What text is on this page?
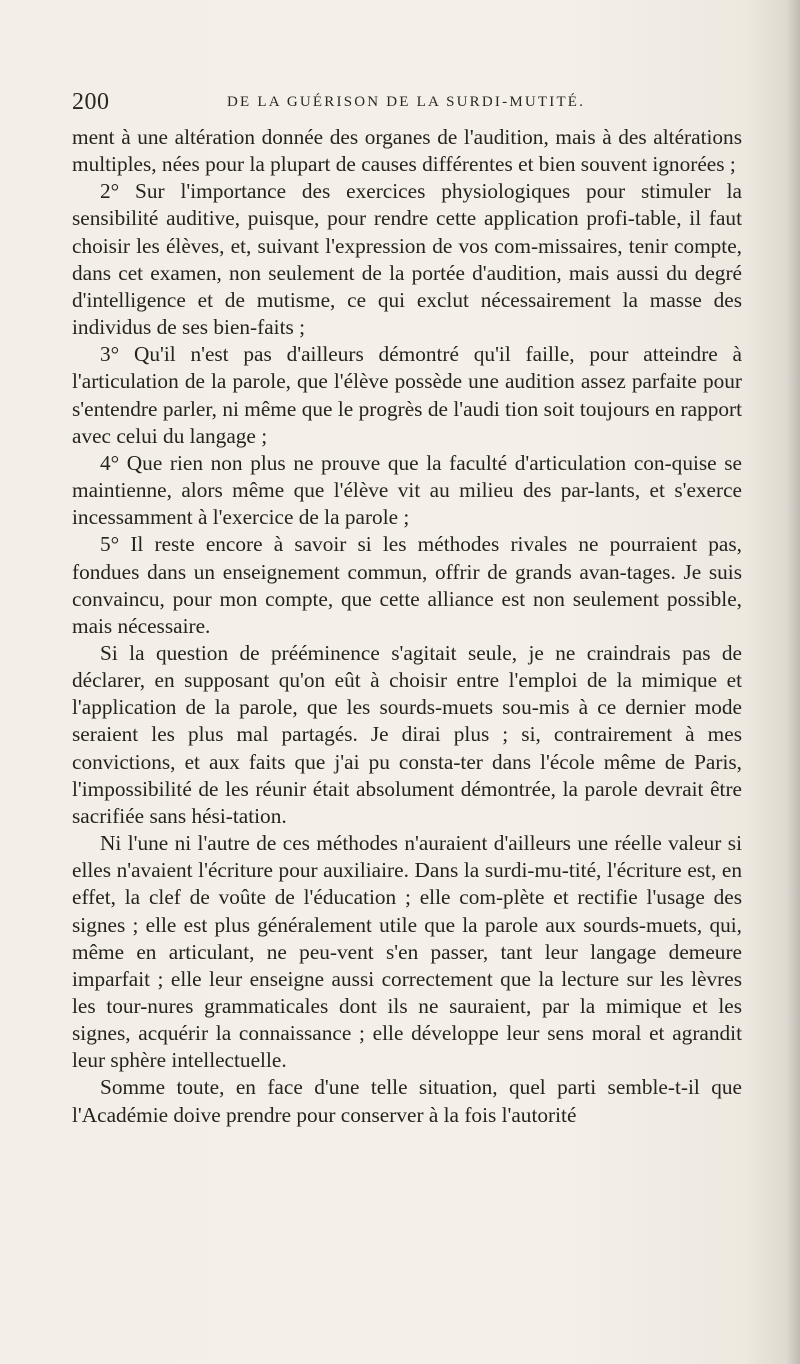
200	DE LA GUÉRISON DE LA SURDI-MUTITÉ.

ment à une altération donnée des organes de l'audition, mais à des altérations multiples, nées pour la plupart de causes différentes et bien souvent ignorées ;

2° Sur l'importance des exercices physiologiques pour stimuler la sensibilité auditive, puisque, pour rendre cette application profi-table, il faut choisir les élèves, et, suivant l'expression de vos com-missaires, tenir compte, dans cet examen, non seulement de la portée d'audition, mais aussi du degré d'intelligence et de mutisme, ce qui exclut nécessairement la masse des individus de ses bien-faits ;

3° Qu'il n'est pas d'ailleurs démontré qu'il faille, pour atteindre à l'articulation de la parole, que l'élève possède une audition assez parfaite pour s'entendre parler, ni même que le progrès de l'audi tion soit toujours en rapport avec celui du langage ;

4° Que rien non plus ne prouve que la faculté d'articulation con-quise se maintienne, alors même que l'élève vit au milieu des par-lants, et s'exerce incessamment à l'exercice de la parole ;

5° Il reste encore à savoir si les méthodes rivales ne pourraient pas, fondues dans un enseignement commun, offrir de grands avan-tages. Je suis convaincu, pour mon compte, que cette alliance est non seulement possible, mais nécessaire.

Si la question de prééminence s'agitait seule, je ne craindrais pas de déclarer, en supposant qu'on eût à choisir entre l'emploi de la mimique et l'application de la parole, que les sourds-muets sou-mis à ce dernier mode seraient les plus mal partagés. Je dirai plus ; si, contrairement à mes convictions, et aux faits que j'ai pu consta-ter dans l'école même de Paris, l'impossibilité de les réunir était absolument démontrée, la parole devrait être sacrifiée sans hési-tation.

Ni l'une ni l'autre de ces méthodes n'auraient d'ailleurs une réelle valeur si elles n'avaient l'écriture pour auxiliaire. Dans la surdi-mu-tité, l'écriture est, en effet, la clef de voûte de l'éducation ; elle com-plète et rectifie l'usage des signes ; elle est plus généralement utile que la parole aux sourds-muets, qui, même en articulant, ne peu-vent s'en passer, tant leur langage demeure imparfait ; elle leur enseigne aussi correctement que la lecture sur les lèvres les tour-nures grammaticales dont ils ne sauraient, par la mimique et les signes, acquérir la connaissance ; elle développe leur sens moral et agrandit leur sphère intellectuelle.

Somme toute, en face d'une telle situation, quel parti semble-t-il que l'Académie doive prendre pour conserver à la fois l'autorité
